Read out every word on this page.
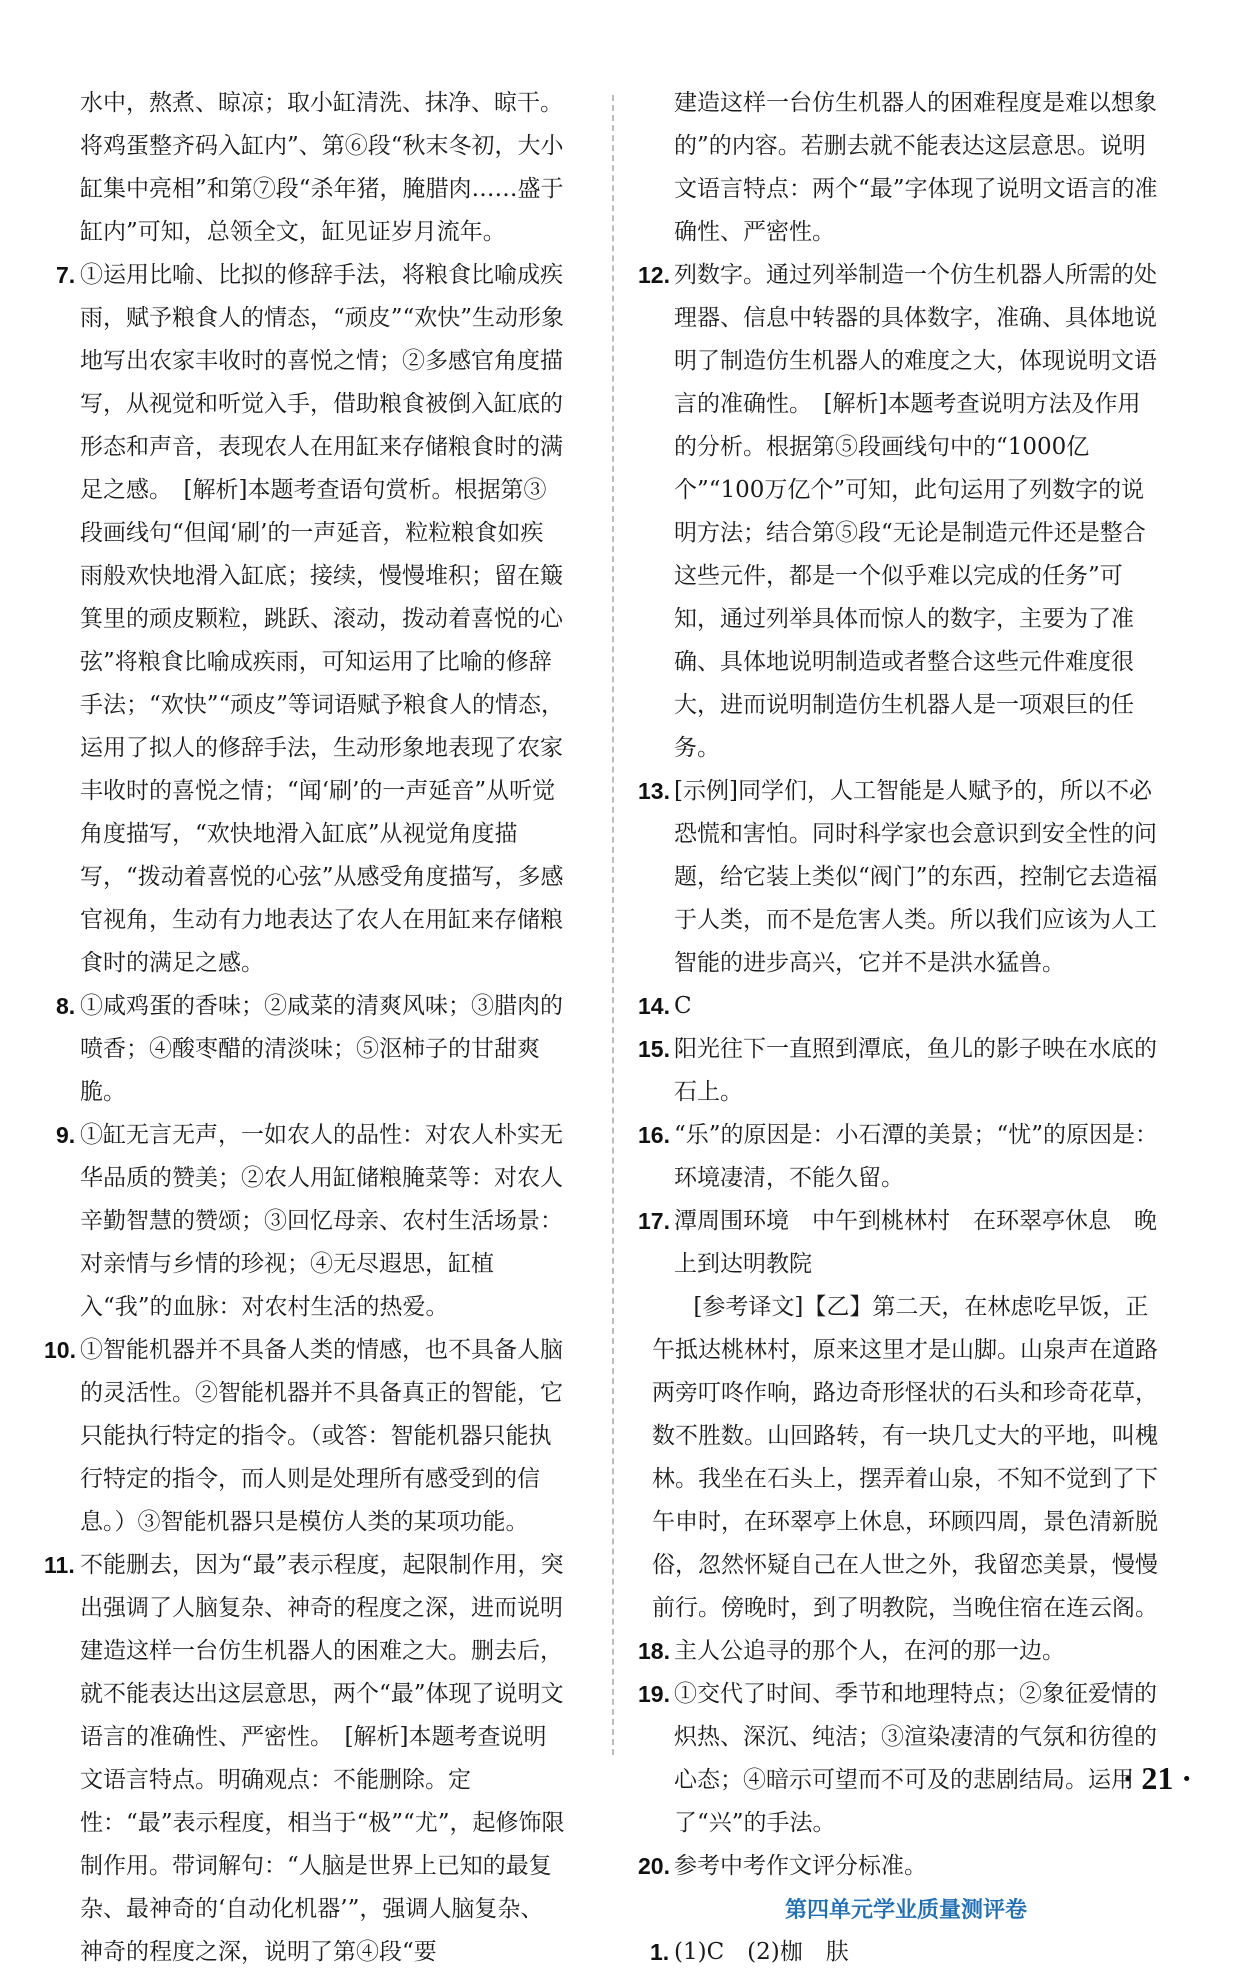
水中，熬煮、晾凉；取小缸清洗、抹净、晾干。将鸡蛋整齐码入缸内”、第⑥段“秋末冬初，大小缸集中亮相”和第⑦段“杀年猪，腌腊肉……盛于缸内”可知，总领全文，缸见证岁月流年。

7. ①运用比喻、比拟的修辞手法，将粮食比喻成疾雨，赋予粮食人的情态，“顽皮”“欢快”生动形象地写出农家丰收时的喜悦之情；②多感官角度描写，从视觉和听觉入手，借助粮食被倒入缸底的形态和声音，表现农人在用缸来存储粮食时的满足之感。　[解析]本题考查语句赏析。根据第③段画线句“但闻‘刷’的一声延音，粒粒粮食如疾雨般欢快地滑入缸底；接续，慢慢堆积；留在簸箕里的顽皮颗粒，跳跃、滚动，拨动着喜悦的心弦”将粮食比喻成疾雨，可知运用了比喻的修辞手法；“欢快”“顽皮”等词语赋予粮食人的情态，运用了拟人的修辞手法，生动形象地表现了农家丰收时的喜悦之情；“闻‘刷’的一声延音”从听觉角度描写，“欢快地滑入缸底”从视觉角度描写，“拨动着喜悦的心弦”从感受角度描写，多感官视角，生动有力地表达了农人在用缸来存储粮食时的满足之感。
8. ①咸鸡蛋的香味；②咸菜的清爽风味；③腊肉的喷香；④酸枣醋的清淡味；⑤沤柿子的甘甜爽脆。
9. ①缸无言无声，一如农人的品性：对农人朴实无华品质的赞美；②农人用缸储粮腌菜等：对农人辛勤智慧的赞颂；③回忆母亲、农村生活场景：对亲情与乡情的珍视；④无尽遐思，缸植入“我”的血脉：对农村生活的热爱。
10. ①智能机器并不具备人类的情感，也不具备人脑的灵活性。②智能机器并不具备真正的智能，它只能执行特定的指令。（或答：智能机器只能执行特定的指令，而人则是处理所有感受到的信息。）③智能机器只是模仿人类的某项功能。
11. 不能删去，因为“最”表示程度，起限制作用，突出强调了人脑复杂、神奇的程度之深，进而说明建造这样一台仿生机器人的困难之大。删去后，就不能表达出这层意思，两个“最”体现了说明文语言的准确性、严密性。　[解析]本题考查说明文语言特点。明确观点：不能删除。定性：“最”表示程度，相当于“极”“尤”，起修饰限制作用。带词解句：“人脑是世界上已知的最复杂、最神奇的‘自动化机器’”，强调人脑复杂、神奇的程度之深，说明了第④段“要

建造这样一台仿生机器人的困难程度是难以想象的”的内容。若删去就不能表达这层意思。说明文语言特点：两个“最”字体现了说明文语言的准确性、严密性。

12. 列数字。通过列举制造一个仿生机器人所需的处理器、信息中转器的具体数字，准确、具体地说明了制造仿生机器人的难度之大，体现说明文语言的准确性。　[解析]本题考查说明方法及作用的分析。根据第⑤段画线句中的“1000亿个”“100万亿个”可知，此句运用了列数字的说明方法；结合第⑤段“无论是制造元件还是整合这些元件，都是一个似乎难以完成的任务”可知，通过列举具体而惊人的数字，主要为了准确、具体地说明制造或者整合这些元件难度很大，进而说明制造仿生机器人是一项艰巨的任务。
13. [示例]同学们，人工智能是人赋予的，所以不必恐慌和害怕。同时科学家也会意识到安全性的问题，给它装上类似“阀门”的东西，控制它去造福于人类，而不是危害人类。所以我们应该为人工智能的进步高兴，它并不是洪水猛兽。
14. C
15. 阳光往下一直照到潭底，鱼儿的影子映在水底的石上。
16. “乐”的原因是：小石潭的美景；“忧”的原因是：环境凄清，不能久留。
17. 潭周围环境　中午到桃林村　在环翠亭休息　晚上到达明教院

[参考译文]【乙】第二天，在林虑吃早饭，正午抵达桃林村，原来这里才是山脚。山泉声在道路两旁叮咚作响，路边奇形怪状的石头和珍奇花草，数不胜数。山回路转，有一块几丈大的平地，叫槐林。我坐在石头上，摆弄着山泉，不知不觉到了下午申时，在环翠亭上休息，环顾四周，景色清新脱俗，忽然怀疑自己在人世之外，我留恋美景，慢慢前行。傍晚时，到了明教院，当晚住宿在连云阁。

18. 主人公追寻的那个人，在河的那一边。
19. ①交代了时间、季节和地理特点；②象征爱情的炽热、深沉、纯洁；③渲染凄清的气氛和彷徨的心态；④暗示可望而不可及的悲剧结局。运用了“兴”的手法。
20. 参考中考作文评分标准。
第四单元学业质量测评卷
1. (1)C　(2)枷　肤
· 21 ·
